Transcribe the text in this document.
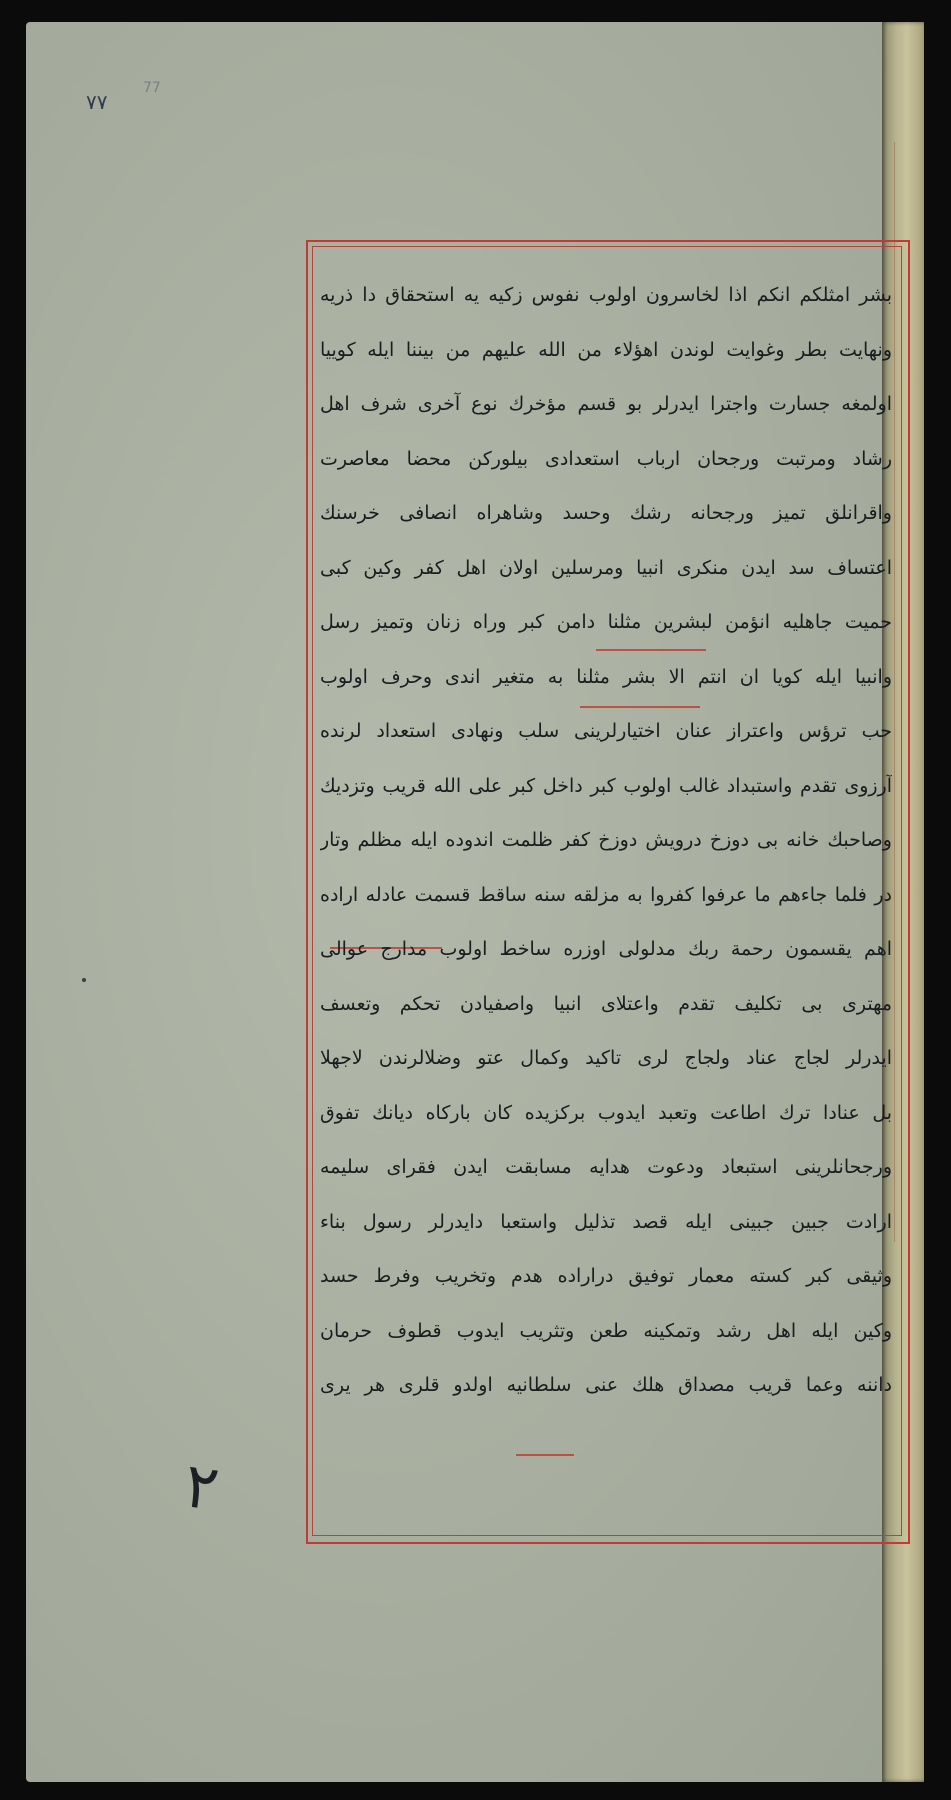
٧٧
77
بشر امثلكم انكم اذا لخاسرون اولوب نفوس زكيه يه استحقاق دا ذریه
ونهایت بطر وغوایت لوندن اهؤلاء من الله علیهم من بیننا ایله کوییا
اولمغه جسارت واجترا ایدرلر بو قسم مؤخرك نوع آخری شرف اهل
رشاد ومرتبت ورجحان ارباب استعدادی بیلورکن محضا معاصرت
واقرانلق تمیز ورجحانه رشك وحسد وشاهراه انصافی خرسنك
اعتساف سد ایدن منکری انبیا ومرسلین اولان اهل کفر وکین کبی
حمیت جاهلیه انؤمن لبشرین مثلنا دامن کبر وراه زنان وتمیز رسل
وانبیا ایله کویا ان انتم الا بشر مثلنا به متغیر اندی وحرف اولوب
حب ترؤس واعتراز عنان اختیارلرینی سلب ونهادی استعداد لرنده
آرزوی تقدم واستبداد غالب اولوب کبر داخل کبر علی الله قریب وتزدیك
وصاحبك خانه بی دوزخ درویش دوزخ کفر ظلمت اندوده ایله مظلم وتار
در فلما جاءهم ما عرفوا کفروا به مزلقه سنه ساقط قسمت عادله اراده
اهم یقسمون رحمة ربك مدلولی اوزره ساخط اولوب مدارج عوالی
مهتری بی تکلیف تقدم واعتلای انبیا واصفیادن تحکم وتعسف
ایدرلر لجاج عناد ولجاج لری تاکید وکمال عتو وضلالرندن لاجهلا
بل عنادا ترك اطاعت وتعبد ایدوب برکزیده کان بارکاه دیانك تفوق
ورجحانلرینی استبعاد ودعوت هدایه مسابقت ایدن فقرای سلیمه
ارادت جبین جبینی ایله قصد تذلیل واستعبا دایدرلر رسول بناء
وثیقی کبر کسته معمار توفیق دراراده هدم وتخریب وفرط حسد
وکین ایله اهل رشد وتمکینه طعن وتثریب ایدوب قطوف حرمان
داننه وعما قریب مصداق هلك عنی سلطانیه اولدو قلری هر یری
٢
